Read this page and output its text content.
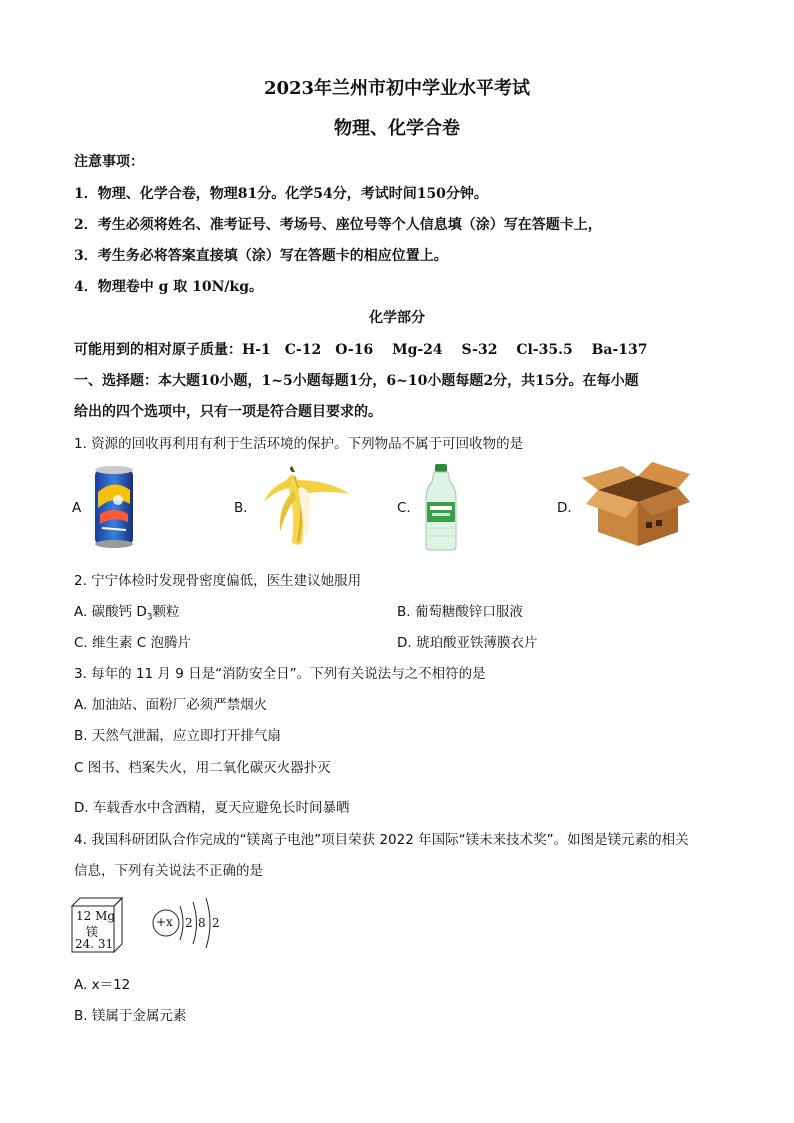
2023年兰州市初中学业水平考试
物理、化学合卷
注意事项：
1．物理、化学合卷，物理81分。化学54分，考试时间150分钟。
2．考生必须将姓名、准考证号、考场号、座位号等个人信息填（涂）写在答题卡上，
3．考生务必将答案直接填（涂）写在答题卡的相应位置上。
4．物理卷中 g 取 10N/kg。
化学部分
可能用到的相对原子质量：H-1　C-12　O-16　 Mg-24　 S-32　 Cl-35.5　 Ba-137
一、选择题：本大题10小题，1~5小题每题1分，6~10小题每题2分，共15分。在每小题
给出的四个选项中，只有一项是符合题目要求的。
1. 资源的回收再利用有利于生活环境的保护。下列物品不属于可回收物的是
A	B.	C.	D.
2. 宁宁体检时发现骨密度偏低，医生建议她服用
A. 碳酸钙 $D_3$颗粒	B. 葡萄糖酸锌口服液
C. 维生素 C 泡腾片	D. 琥珀酸亚铁薄膜衣片
3. 每年的 11 月 9 日是“消防安全日”。下列有关说法与之不相符的是
A. 加油站、面粉厂必须严禁烟火
B. 天然气泄漏，应立即打开排气扇
C 图书、档案失火，用二氧化碳灭火器扑灭
D. 车载香水中含酒精，夏天应避免长时间暴晒
4. 我国科研团队合作完成的“镁离子电池”项目荣获 2022 年国际“镁未来技术奖”。如图是镁元素的相关
信息，下列有关说法不正确的是
12 Mg
镁
24. 31
+x 2 8 2
A. x＝12
B. 镁属于金属元素
